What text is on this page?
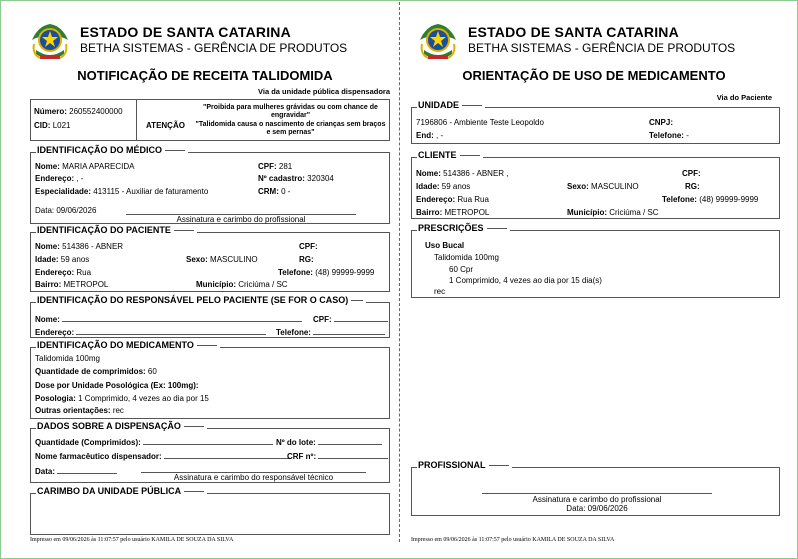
ESTADO DE SANTA CATARINA
BETHA SISTEMAS - GERÊNCIA DE PRODUTOS
NOTIFICAÇÃO DE RECEITA TALIDOMIDA
Via da unidade pública dispensadora
Número: 260552400000
CID: L021	ATENÇÃO
"Proibida para mulheres grávidas ou com chance de engravidar"
"Talidomida causa o nascimento de crianças sem braços e sem pernas"
IDENTIFICAÇÃO DO MÉDICO
Nome: MARIA APARECIDA	CPF: 281
Endereço: , -	Nº cadastro: 320304
Especialidade: 413115 - Auxiliar de faturamento	CRM: 0 -
Data: 09/06/2026
Assinatura e carimbo do profissional
IDENTIFICAÇÃO DO PACIENTE
Nome: 514386 - ABNER	CPF:
Idade: 59 anos	Sexo: MASCULINO	RG:
Endereço: Rua	Telefone: (48) 99999-9999
Bairro: METROPOL	Município: Criciúma / SC
IDENTIFICAÇÃO DO RESPONSÁVEL PELO PACIENTE (SE FOR O CASO)
Nome:	CPF:
Endereço:	Telefone:
IDENTIFICAÇÃO DO MEDICAMENTO
Talidomida 100mg
Quantidade de comprimidos: 60
Dose por Unidade Posológica (Ex: 100mg):
Posologia: 1 Comprimido, 4 vezes ao dia por 15
Outras orientações: rec
DADOS SOBRE A DISPENSAÇÃO
Quantidade (Comprimidos):	Nº do lote:
Nome farmacêutico dispensador:	CRF nº:
Data:
Assinatura e carimbo do responsável técnico
CARIMBO DA UNIDADE PÚBLICA
Impresso em 09/06/2026 às 11:07:57 pelo usuário KAMILA DE SOUZA DA SILVA
ESTADO DE SANTA CATARINA
BETHA SISTEMAS - GERÊNCIA DE PRODUTOS
ORIENTAÇÃO DE USO DE MEDICAMENTO
Via do Paciente
UNIDADE
7196806 - Ambiente Teste Leopoldo	CNPJ:
End: , -	Telefone: -
CLIENTE
Nome: 514386 - ABNER ,	CPF:
Idade: 59 anos	Sexo: MASCULINO	RG:
Endereço: Rua Rua	Telefone: (48) 99999-9999
Bairro: METROPOL	Município: Criciúma / SC
PRESCRIÇÕES
Uso Bucal
Talidomida 100mg
60 Cpr
1 Comprimido, 4 vezes ao dia por 15 dia(s)
rec
PROFISSIONAL
Assinatura e carimbo do profissional
Data: 09/06/2026
Impresso em 09/06/2026 às 11:07:57 pelo usuário KAMILA DE SOUZA DA SILVA
